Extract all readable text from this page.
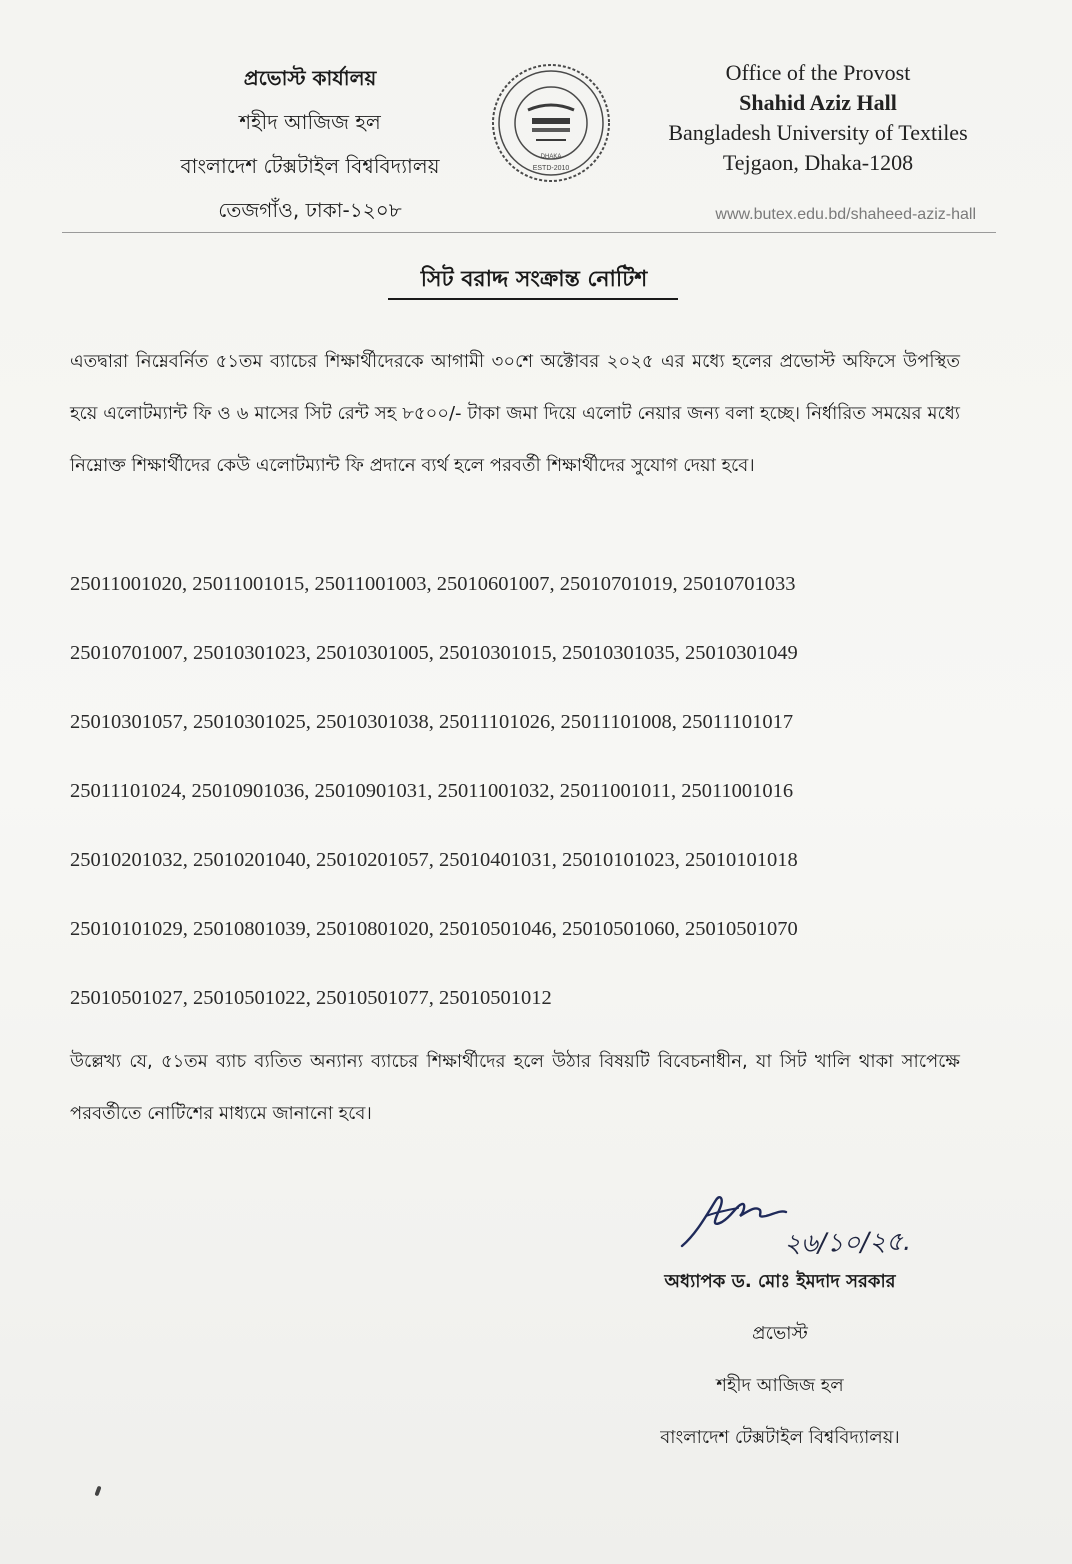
প্রভোস্ট কার্যালয়
শহীদ আজিজ হল
বাংলাদেশ টেক্সটাইল বিশ্ববিদ্যালয়
তেজগাঁও, ঢাকা-১২০৮
ESTD-2010
DHAKA
Office of the Provost
Shahid Aziz Hall
Bangladesh University of Textiles
Tejgaon, Dhaka-1208
www.butex.edu.bd/shaheed-aziz-hall
সিট বরাদ্দ সংক্রান্ত নোটিশ
এতদ্বারা নিম্নেবর্নিত ৫১তম ব্যাচের শিক্ষার্থীদেরকে আগামী ৩০শে অক্টোবর ২০২৫ এর মধ্যে হলের প্রভোস্ট অফিসে উপস্থিত হয়ে এলোটম্যান্ট ফি ও ৬ মাসের সিট রেন্ট সহ ৮৫০০/- টাকা জমা দিয়ে এলোট নেয়ার জন্য বলা হচ্ছে। নির্ধারিত সময়ের মধ্যে নিম্নোক্ত শিক্ষার্থীদের কেউ এলোটম্যান্ট ফি প্রদানে ব্যর্থ হলে পরবর্তী শিক্ষার্থীদের সুযোগ দেয়া হবে।
25011001020, 25011001015, 25011001003, 25010601007, 25010701019, 25010701033
25010701007, 25010301023, 25010301005, 25010301015, 25010301035, 25010301049
25010301057, 25010301025, 25010301038, 25011101026, 25011101008, 25011101017
25011101024, 25010901036, 25010901031, 25011001032, 25011001011, 25011001016
25010201032, 25010201040, 25010201057, 25010401031, 25010101023, 25010101018
25010101029, 25010801039, 25010801020, 25010501046, 25010501060, 25010501070
25010501027, 25010501022, 25010501077, 25010501012
উল্লেখ্য যে, ৫১তম ব্যাচ ব্যতিত অন্যান্য ব্যাচের শিক্ষার্থীদের হলে উঠার বিষয়টি বিবেচনাধীন, যা সিট খালি থাকা সাপেক্ষে পরবর্তীতে নোটিশের মাধ্যমে জানানো হবে।
২৬/১০/২৫.
অধ্যাপক ড. মোঃ ইমদাদ সরকার
প্রভোস্ট
শহীদ আজিজ হল
বাংলাদেশ টেক্সটাইল বিশ্ববিদ্যালয়।
